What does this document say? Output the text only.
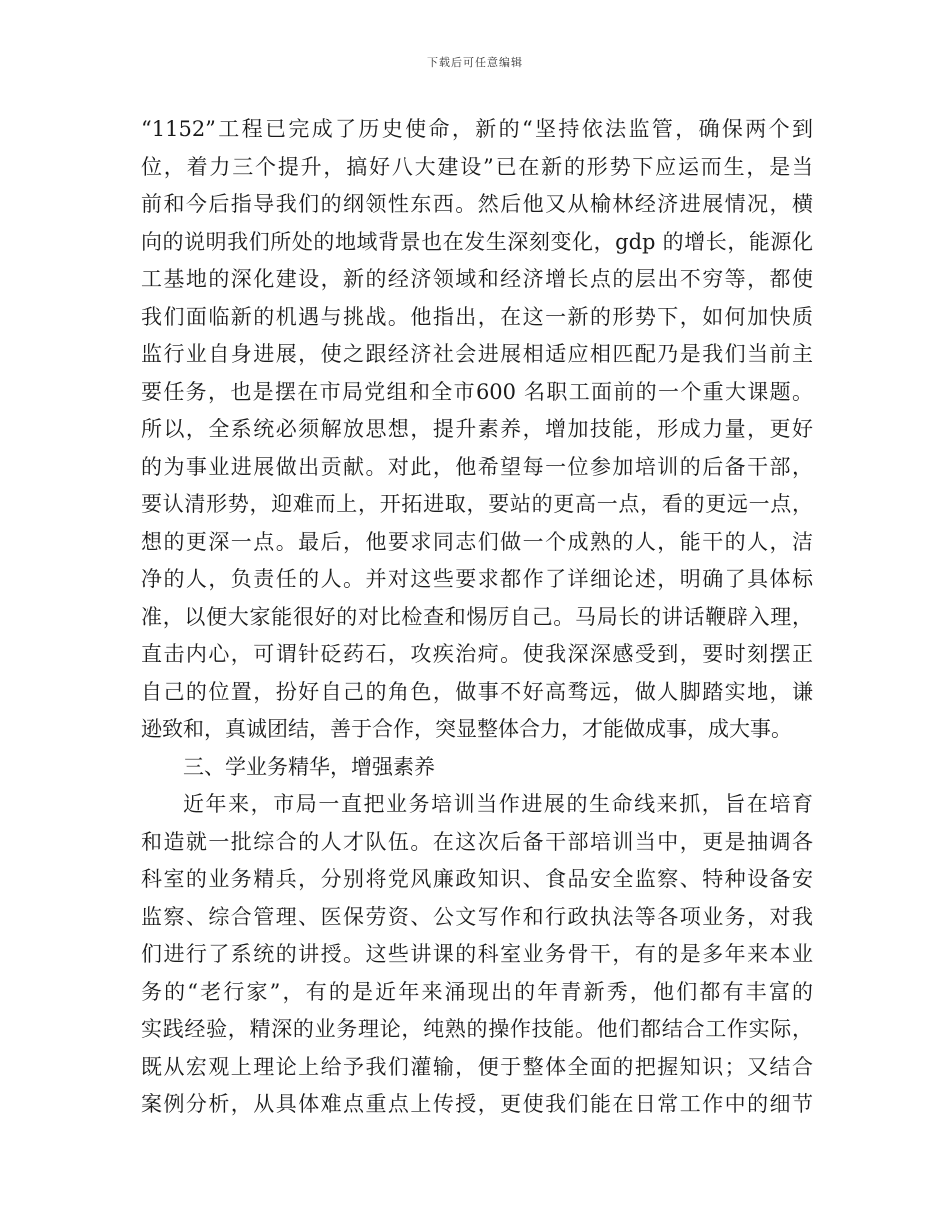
下载后可任意编辑
“1152”工程已完成了历史使命，新的“坚持依法监管，确保两个到
位，着力三个提升，搞好八大建设”已在新的形势下应运而生，是当
前和今后指导我们的纲领性东西。然后他又从榆林经济进展情况，横
向的说明我们所处的地域背景也在发生深刻变化，gdp 的增长，能源化
工基地的深化建设，新的经济领域和经济增长点的层出不穷等，都使
我们面临新的机遇与挑战。他指出，在这一新的形势下，如何加快质
监行业自身进展，使之跟经济社会进展相适应相匹配乃是我们当前主
要任务，也是摆在市局党组和全市600 名职工面前的一个重大课题。
所以，全系统必须解放思想，提升素养，增加技能，形成力量，更好
的为事业进展做出贡献。对此，他希望每一位参加培训的后备干部，
要认清形势，迎难而上，开拓进取，要站的更高一点，看的更远一点，
想的更深一点。最后，他要求同志们做一个成熟的人，能干的人，洁
净的人，负责任的人。并对这些要求都作了详细论述，明确了具体标
准，以便大家能很好的对比检查和惕厉自己。马局长的讲话鞭辟入理，
直击内心，可谓针砭药石，攻疾治疴。使我深深感受到，要时刻摆正
自己的位置，扮好自己的角色，做事不好高骛远，做人脚踏实地，谦
逊致和，真诚团结，善于合作，突显整体合力，才能做成事，成大事。
三、学业务精华，增强素养
近年来，市局一直把业务培训当作进展的生命线来抓，旨在培育
和造就一批综合的人才队伍。在这次后备干部培训当中，更是抽调各
科室的业务精兵，分别将党风廉政知识、食品安全监察、特种设备安
监察、综合管理、医保劳资、公文写作和行政执法等各项业务，对我
们进行了系统的讲授。这些讲课的科室业务骨干，有的是多年来本业
务的“老行家”，有的是近年来涌现出的年青新秀，他们都有丰富的
实践经验，精深的业务理论，纯熟的操作技能。他们都结合工作实际，
既从宏观上理论上给予我们灌输，便于整体全面的把握知识；又结合
案例分析，从具体难点重点上传授，更使我们能在日常工作中的细节
